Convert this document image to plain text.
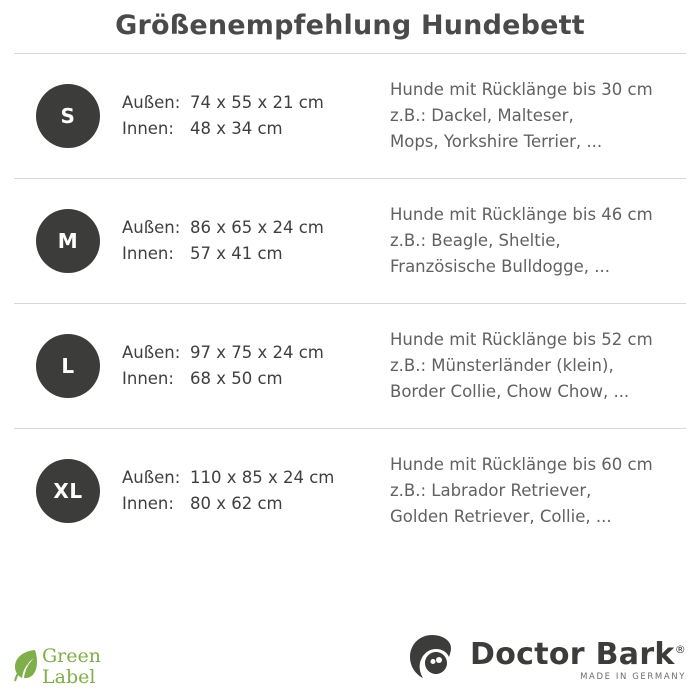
Größenempfehlung Hundebett
S
Außen: 74 x 55 x 21 cm
Innen: 48 x 34 cm
Hunde mit Rücklänge bis 30 cm
z.B.: Dackel, Malteser,
Mops, Yorkshire Terrier, ...
M
Außen: 86 x 65 x 24 cm
Innen: 57 x 41 cm
Hunde mit Rücklänge bis 46 cm
z.B.: Beagle, Sheltie,
Französische Bulldogge, ...
L
Außen: 97 x 75 x 24 cm
Innen: 68 x 50 cm
Hunde mit Rücklänge bis 52 cm
z.B.: Münsterländer (klein),
Border Collie, Chow Chow, ...
XL
Außen: 110 x 85 x 24 cm
Innen: 80 x 62 cm
Hunde mit Rücklänge bis 60 cm
z.B.: Labrador Retriever,
Golden Retriever, Collie, ...
Green
Label
Doctor Bark®
MADE IN GERMANY
